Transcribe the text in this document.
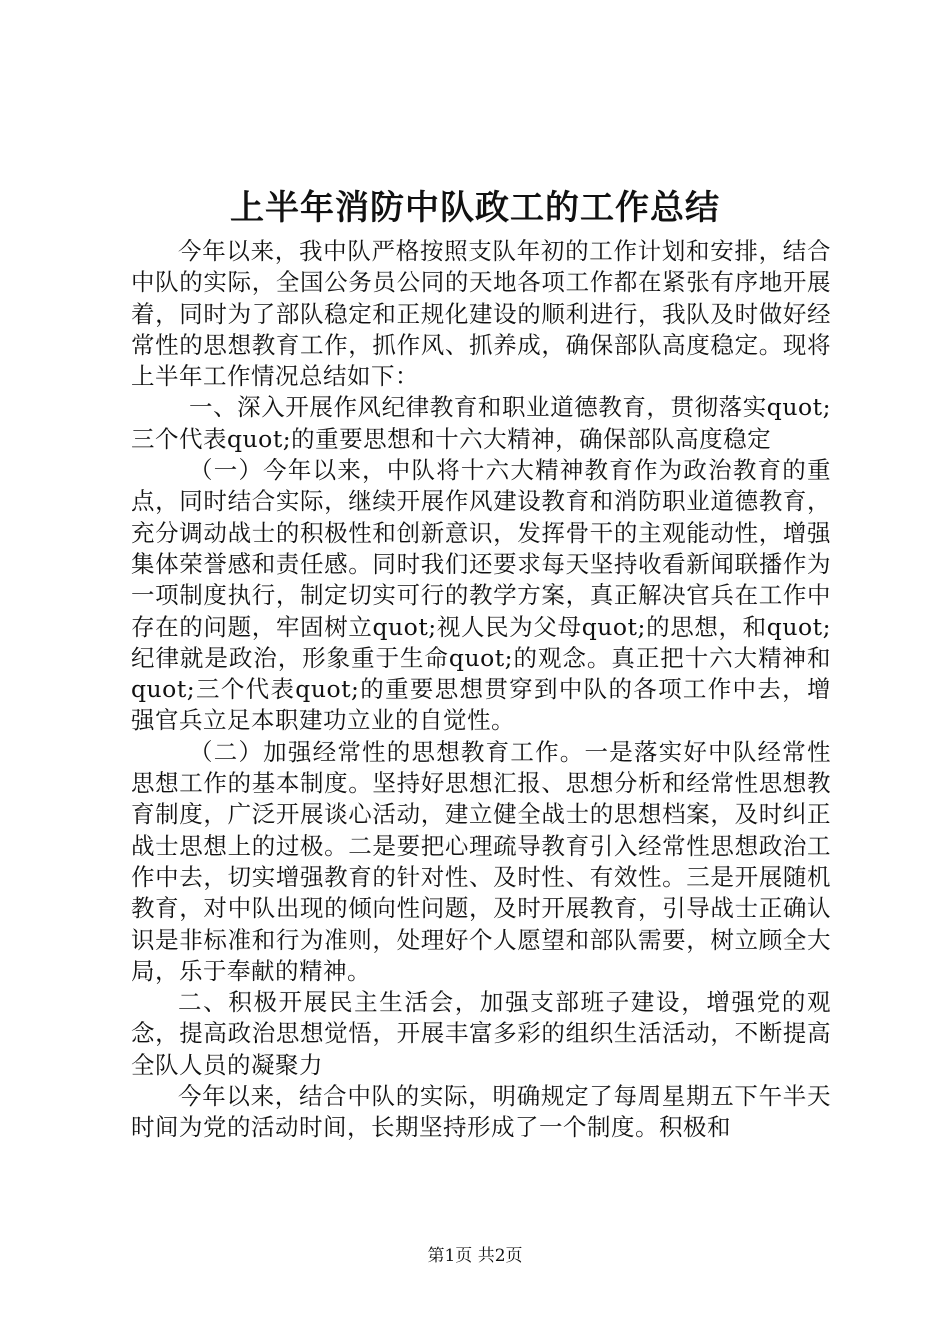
上半年消防中队政工的工作总结

今年以来，我中队严格按照支队年初的工作计划和安排，结合中队的实际，全国公务员公同的天地各项工作都在紧张有序地开展着，同时为了部队稳定和正规化建设的顺利进行，我队及时做好经常性的思想教育工作，抓作风、抓养成，确保部队高度稳定。现将上半年工作情况总结如下：

一、深入开展作风纪律教育和职业道德教育，贯彻落实quot;三个代表quot;的重要思想和十六大精神，确保部队高度稳定

（一）今年以来，中队将十六大精神教育作为政治教育的重点，同时结合实际，继续开展作风建设教育和消防职业道德教育，充分调动战士的积极性和创新意识，发挥骨干的主观能动性，增强集体荣誉感和责任感。同时我们还要求每天坚持收看新闻联播作为一项制度执行，制定切实可行的教学方案，真正解决官兵在工作中存在的问题，牢固树立quot;视人民为父母quot;的思想，和quot;纪律就是政治，形象重于生命quot;的观念。真正把十六大精神和quot;三个代表quot;的重要思想贯穿到中队的各项工作中去，增强官兵立足本职建功立业的自觉性。

（二）加强经常性的思想教育工作。一是落实好中队经常性思想工作的基本制度。坚持好思想汇报、思想分析和经常性思想教育制度，广泛开展谈心活动，建立健全战士的思想档案，及时纠正战士思想上的过极。二是要把心理疏导教育引入经常性思想政治工作中去，切实增强教育的针对性、及时性、有效性。三是开展随机教育，对中队出现的倾向性问题，及时开展教育，引导战士正确认识是非标准和行为准则，处理好个人愿望和部队需要，树立顾全大局，乐于奉献的精神。

二、积极开展民主生活会，加强支部班子建设，增强党的观念，提高政治思想觉悟，开展丰富多彩的组织生活活动，不断提高全队人员的凝聚力

今年以来，结合中队的实际，明确规定了每周星期五下午半天时间为党的活动时间，长期坚持形成了一个制度。积极和

第1页 共2页
